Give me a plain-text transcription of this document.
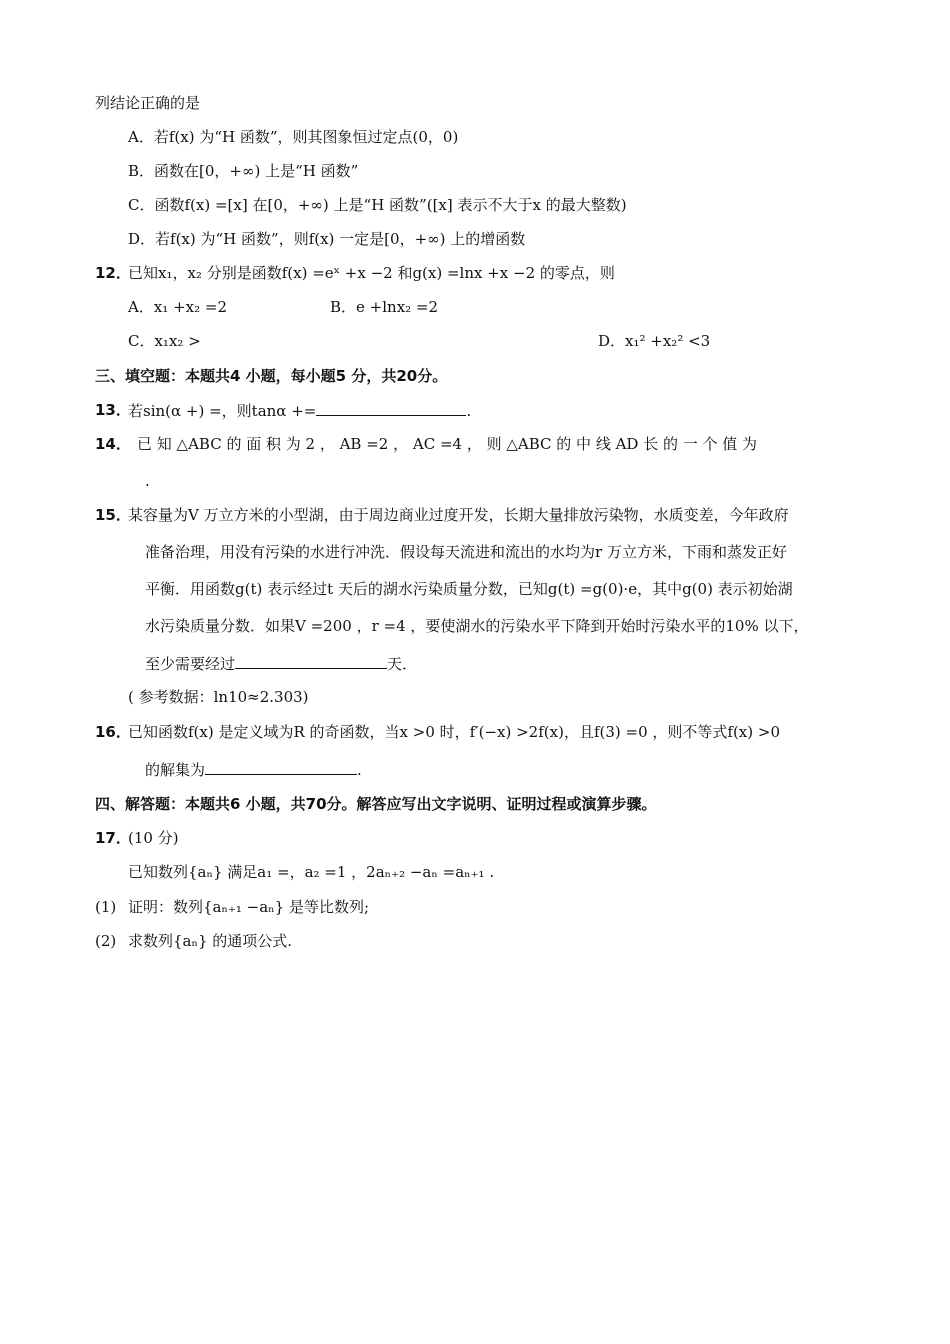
列结论正确的是
A．若f(x) 为“H 函数”，则其图象恒过定点(0，0)
B．函数在[0，+∞) 上是“H 函数”
C．函数f(x) =[x] 在[0，+∞) 上是“H 函数”([x] 表示不大于x 的最大整数)
D．若f(x) 为“H 函数”，则f(x) 一定是[0，+∞) 上的增函数
12．
已知x₁，x₂ 分别是函数f(x) =eˣ +x −2 和g(x) =lnx +x −2 的零点，则
A．x₁ +x₂ =2	B．e +lnx₂ =2
C．x₁x₂ >	D．x₁² +x₂² <3
三、填空题：本题共4 小题，每小题5 分，共20分。
13．
若sin(α +) =，则tanα +=	.
14． 已 知 △ABC 的 面 积 为 2 ， AB =2 ， AC =4 ， 则 △ABC 的 中 线 AD 长 的 一 个 值 为
.
15．
某容量为V 万立方米的小型湖，由于周边商业过度开发，长期大量排放污染物，水质变差，今年政府
准备治理，用没有污染的水进行冲洗．假设每天流进和流出的水均为r 万立方米，下雨和蒸发正好
平衡．用函数g(t) 表示经过t 天后的湖水污染质量分数，已知g(t) =g(0)·e，其中g(0) 表示初始湖
水污染质量分数．如果V =200 ，r =4 ，要使湖水的污染水平下降到开始时污染水平的10% 以下，
至少需要经过	天．
( 参考数据：ln10≈2.303)
16．
已知函数f(x) 是定义域为R 的奇函数，当x >0 时，f′(−x) >2f(x)，且f(3) =0 ，则不等式f(x) >0
的解集为	.
四、解答题：本题共6 小题，共70分。解答应写出文字说明、证明过程或演算步骤。
17．
(10 分)
已知数列{aₙ} 满足a₁ =，a₂ =1 ，2aₙ₊₂ −aₙ =aₙ₊₁ .
(1) 证明：数列{aₙ₊₁ −aₙ} 是等比数列;
(2) 求数列{aₙ} 的通项公式.
